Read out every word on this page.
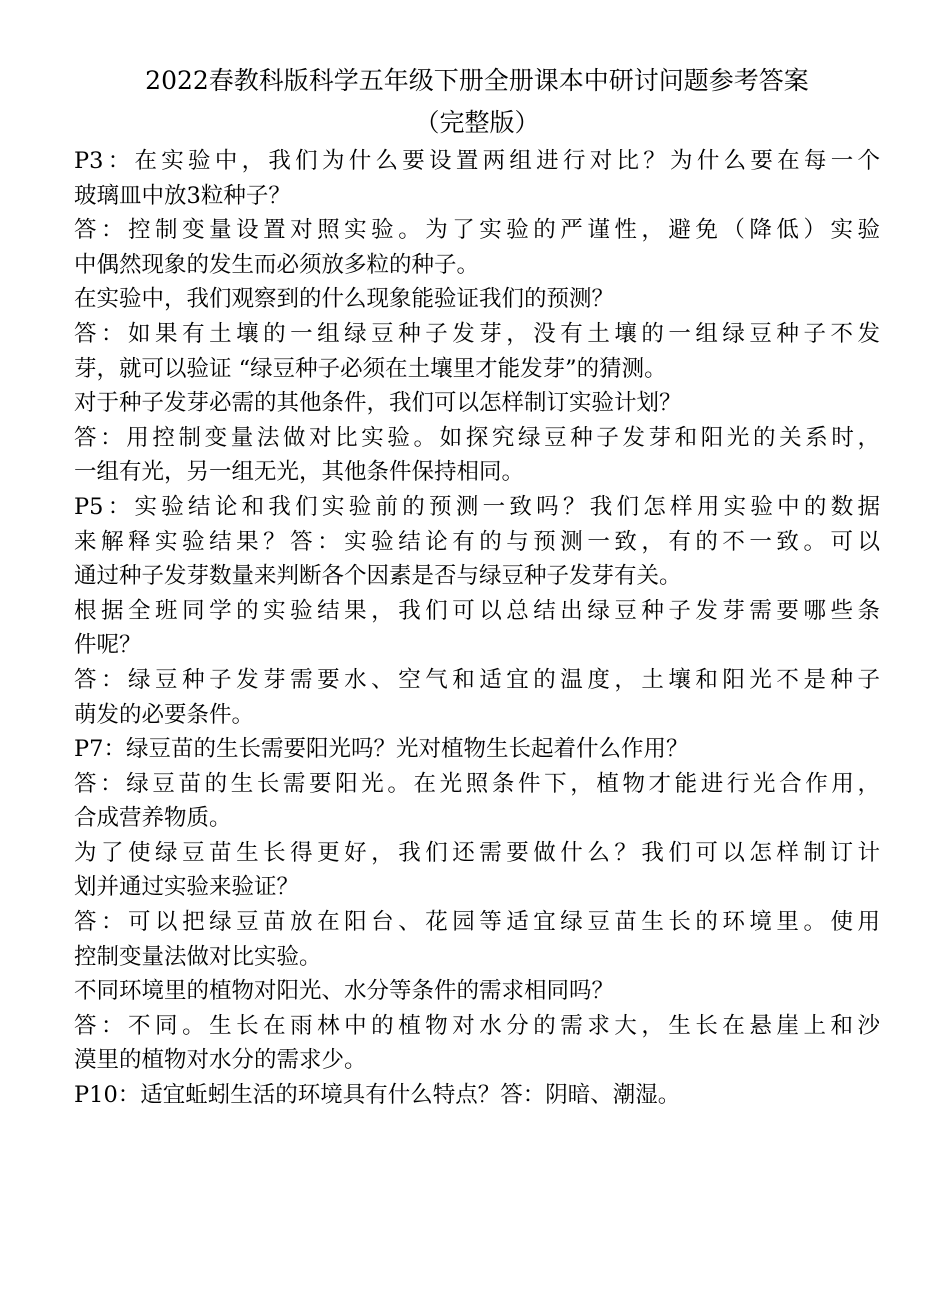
2022春教科版科学五年级下册全册课本中研讨问题参考答案
（完整版）

P3：在实验中，我们为什么要设置两组进行对比？为什么要在每一个

玻璃皿中放3粒种子？

答：控制变量设置对照实验。为了实验的严谨性，避免（降低）实验

中偶然现象的发生而必须放多粒的种子。

在实验中，我们观察到的什么现象能验证我们的预测？

答：如果有土壤的一组绿豆种子发芽，没有土壤的一组绿豆种子不发

芽，就可以验证 “绿豆种子必须在土壤里才能发芽”的猜测。

对于种子发芽必需的其他条件，我们可以怎样制订实验计划？

答：用控制变量法做对比实验。如探究绿豆种子发芽和阳光的关系时，

一组有光，另一组无光，其他条件保持相同。

P5：实验结论和我们实验前的预测一致吗？我们怎样用实验中的数据

来解释实验结果？答：实验结论有的与预测一致，有的不一致。可以

通过种子发芽数量来判断各个因素是否与绿豆种子发芽有关。

根据全班同学的实验结果，我们可以总结出绿豆种子发芽需要哪些条

件呢？

答：绿豆种子发芽需要水、空气和适宜的温度，土壤和阳光不是种子

萌发的必要条件。

P7：绿豆苗的生长需要阳光吗？光对植物生长起着什么作用？

答：绿豆苗的生长需要阳光。在光照条件下，植物才能进行光合作用，

合成营养物质。

为了使绿豆苗生长得更好，我们还需要做什么？我们可以怎样制订计

划并通过实验来验证？

答：可以把绿豆苗放在阳台、花园等适宜绿豆苗生长的环境里。使用

控制变量法做对比实验。

不同环境里的植物对阳光、水分等条件的需求相同吗？

答：不同。生长在雨林中的植物对水分的需求大，生长在悬崖上和沙

漠里的植物对水分的需求少。

P10：适宜蚯蚓生活的环境具有什么特点？答：阴暗、潮湿。
